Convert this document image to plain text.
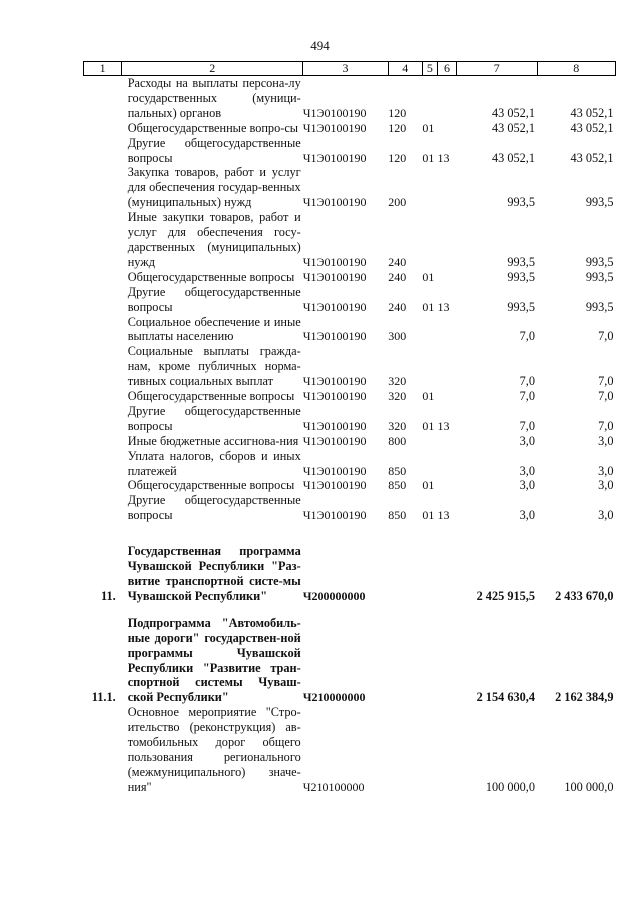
494
1	2	3	4	5	6	7	8
	Расходы на выплаты персона-лу государственных (муници-пальных) органов	Ч1Э0100190	120			43 052,1	43 052,1
	Общегосударственные вопро-сы	Ч1Э0100190	120	01		43 052,1	43 052,1
	Другие общегосударственные вопросы	Ч1Э0100190	120	01	13	43 052,1	43 052,1
	Закупка товаров, работ и услуг для обеспечения государ-венных (муниципальных) нужд	Ч1Э0100190	200			993,5	993,5
	Иные закупки товаров, работ и услуг для обеспечения госу-дарственных (муниципальных) нужд	Ч1Э0100190	240			993,5	993,5
	Общегосударственные вопросы	Ч1Э0100190	240	01		993,5	993,5
	Другие общегосударственные вопросы	Ч1Э0100190	240	01	13	993,5	993,5
	Социальное обеспечение и иные выплаты населению	Ч1Э0100190	300			7,0	7,0
	Социальные выплаты гражда-нам, кроме публичных норма-тивных социальных выплат	Ч1Э0100190	320			7,0	7,0
	Общегосударственные вопросы	Ч1Э0100190	320	01		7,0	7,0
	Другие общегосударственные вопросы	Ч1Э0100190	320	01	13	7,0	7,0
	Иные бюджетные ассигнова-ния	Ч1Э0100190	800			3,0	3,0
	Уплата налогов, сборов и иных платежей	Ч1Э0100190	850			3,0	3,0
	Общегосударственные вопросы	Ч1Э0100190	850	01		3,0	3,0
	Другие общегосударственные вопросы	Ч1Э0100190	850	01	13	3,0	3,0

11.	Государственная программа Чувашской Республики "Раз-витие транспортной систе-мы Чувашской Республики"	Ч200000000				2 425 915,5	2 433 670,0

11.1.	Подпрограмма "Автомобиль-ные дороги" государствен-ной программы Чувашской Республики "Развитие тран-спортной системы Чуваш-ской Республики"	Ч210000000				2 154 630,4	2 162 384,9
	Основное мероприятие "Стро-ительство (реконструкция) ав-томобильных дорог общего пользования регионального (межмуниципального) значе-ния"	Ч210100000				100 000,0	100 000,0
